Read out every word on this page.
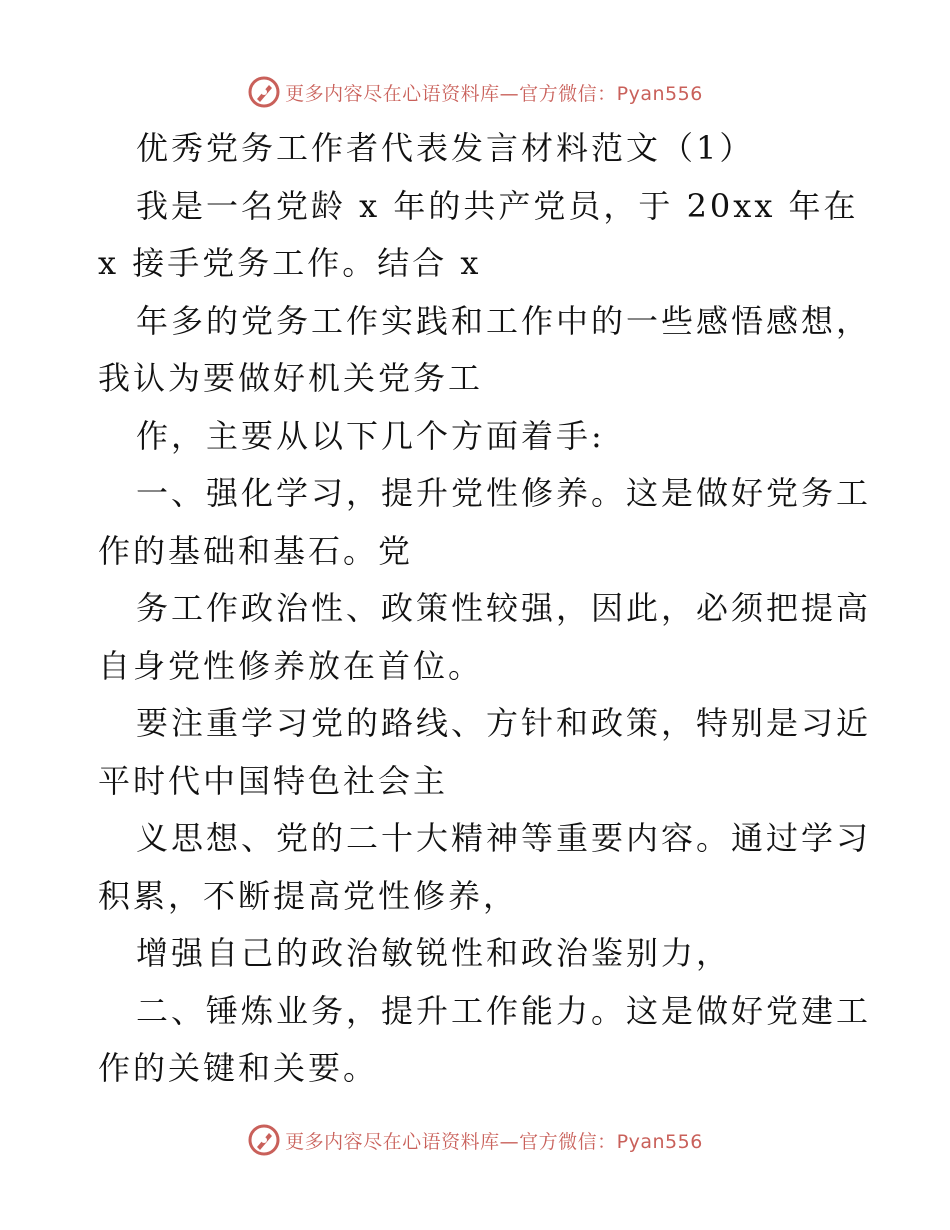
更多内容尽在心语资料库—官方微信：Pyan556
优秀党务工作者代表发言材料范文（1）
我是一名党龄 x 年的共产党员，于 20xx 年在
x 接手党务工作。结合 x
年多的党务工作实践和工作中的一些感悟感想，
我认为要做好机关党务工
作，主要从以下几个方面着手:
一、强化学习，提升党性修养。这是做好党务工
作的基础和基石。党
务工作政治性、政策性较强，因此，必须把提高
自身党性修养放在首位。
要注重学习党的路线、方针和政策，特别是习近
平时代中国特色社会主
义思想、党的二十大精神等重要内容。通过学习
积累，不断提高党性修养，
增强自己的政治敏锐性和政治鉴别力，
二、锤炼业务，提升工作能力。这是做好党建工
作的关键和关要。
更多内容尽在心语资料库—官方微信：Pyan556
